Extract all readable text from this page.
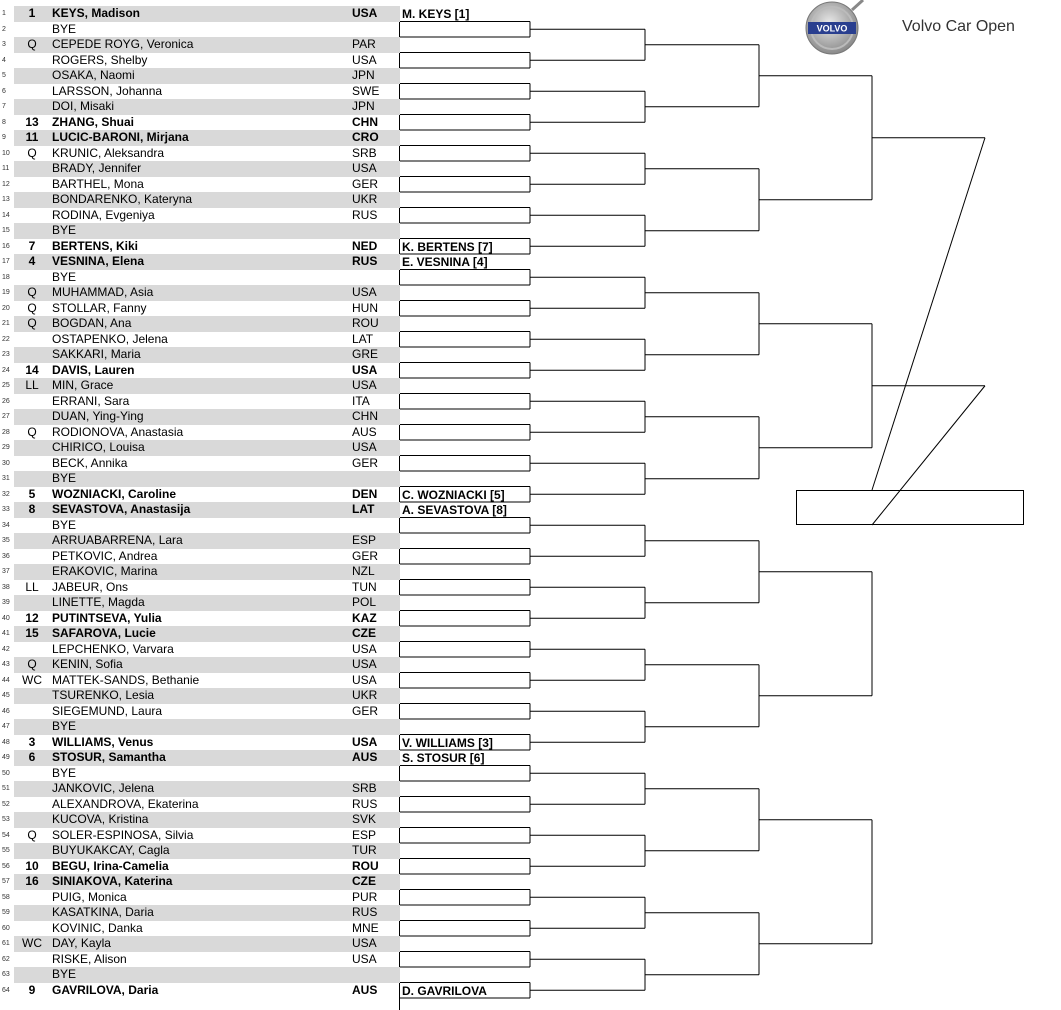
1	1	KEYS, Madison	USA
2	BYE
3	Q	CEPEDE ROYG, Veronica	PAR
4	ROGERS, Shelby	USA
5	OSAKA, Naomi	JPN
6	LARSSON, Johanna	SWE
7	DOI, Misaki	JPN
8	13	ZHANG, Shuai	CHN
9	11	LUCIC-BARONI, Mirjana	CRO
10	Q	KRUNIC, Aleksandra	SRB
11	BRADY, Jennifer	USA
12	BARTHEL, Mona	GER
13	BONDARENKO, Kateryna	UKR
14	RODINA, Evgeniya	RUS
15	BYE
16	7	BERTENS, Kiki	NED
17	4	VESNINA, Elena	RUS
18	BYE
19	Q	MUHAMMAD, Asia	USA
20	Q	STOLLAR, Fanny	HUN
21	Q	BOGDAN, Ana	ROU
22	OSTAPENKO, Jelena	LAT
23	SAKKARI, Maria	GRE
24	14	DAVIS, Lauren	USA
25	LL	MIN, Grace	USA
26	ERRANI, Sara	ITA
27	DUAN, Ying-Ying	CHN
28	Q	RODIONOVA, Anastasia	AUS
29	CHIRICO, Louisa	USA
30	BECK, Annika	GER
31	BYE
32	5	WOZNIACKI, Caroline	DEN
33	8	SEVASTOVA, Anastasija	LAT
34	BYE
35	ARRUABARRENA, Lara	ESP
36	PETKOVIC, Andrea	GER
37	ERAKOVIC, Marina	NZL
38	LL	JABEUR, Ons	TUN
39	LINETTE, Magda	POL
40	12	PUTINTSEVA, Yulia	KAZ
41	15	SAFAROVA, Lucie	CZE
42	LEPCHENKO, Varvara	USA
43	Q	KENIN, Sofia	USA
44	WC MATTEK-SANDS, Bethanie	USA
45	TSURENKO, Lesia	UKR
46	SIEGEMUND, Laura	GER
47	BYE
48	3	WILLIAMS, Venus	USA
49	6	STOSUR, Samantha	AUS
50	BYE
51	JANKOVIC, Jelena	SRB
52	ALEXANDROVA, Ekaterina	RUS
53	KUCOVA, Kristina	SVK
54	Q	SOLER-ESPINOSA, Silvia	ESP
55	BUYUKAKCAY, Cagla	TUR
56	10	BEGU, Irina-Camelia	ROU
57	16	SINIAKOVA, Katerina	CZE
58	PUIG, Monica	PUR
59	KASATKINA, Daria	RUS
60	KOVINIC, Danka	MNE
61	WC DAY, Kayla	USA
62	RISKE, Alison	USA
63	BYE
64	9	GAVRILOVA, Daria	AUS
M. KEYS [1]
K. BERTENS [7]
E. VESNINA [4]
C. WOZNIACKI [5]
A. SEVASTOVA [8]
V. WILLIAMS [3]
S. STOSUR [6]
D. GAVRILOVA
VOLVO	Volvo Car Open
